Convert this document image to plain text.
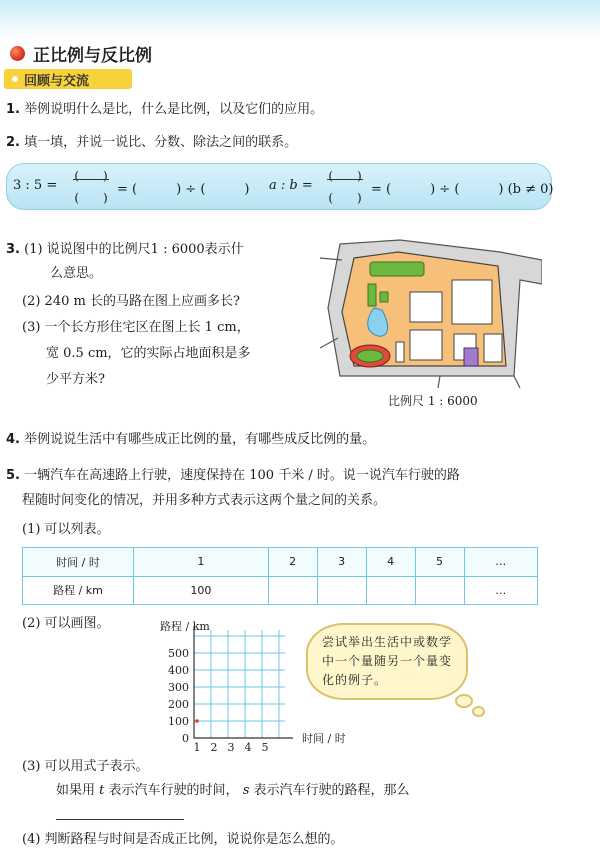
正比例与反比例
回顾与交流
1. 举例说明什么是比，什么是比例，以及它们的应用。
2. 填一填，并说一说比、分数、除法之间的联系。
3 : 5 =
(　　)
(　　)
= (　　　) ÷ (　　　) a : b =
(　　)
(　　)
= (　　　) ÷ (　　　) (b ≠ 0)
3. (1) 说说图中的比例尺1 : 6000表示什
么意思。
(2) 240 m 长的马路在图上应画多长?
(3) 一个长方形住宅区在图上长 1 cm，
宽 0.5 cm，它的实际占地面积是多
少平方米?
比例尺 1 : 6000
4. 举例说说生活中有哪些成正比例的量，有哪些成反比例的量。
5. 一辆汽车在高速路上行驶，速度保持在 100 千米 / 时。说一说汽车行驶的路
程随时间变化的情况，并用多种方式表示这两个量之间的关系。
(1) 可以列表。
时间 / 时	1	2	3	4	5	…
路程 / km	100					…
(2) 可以画图。	路程 / km
500
400
300
200
100
0
1 2 3 4 5
时间 / 时
尝试举出生活中或数学中一个量随另一个量变化的例子。
(3) 可以用式子表示。
如果用 t 表示汽车行驶的时间， s 表示汽车行驶的路程，那么
(4) 判断路程与时间是否成正比例，说说你是怎么想的。
